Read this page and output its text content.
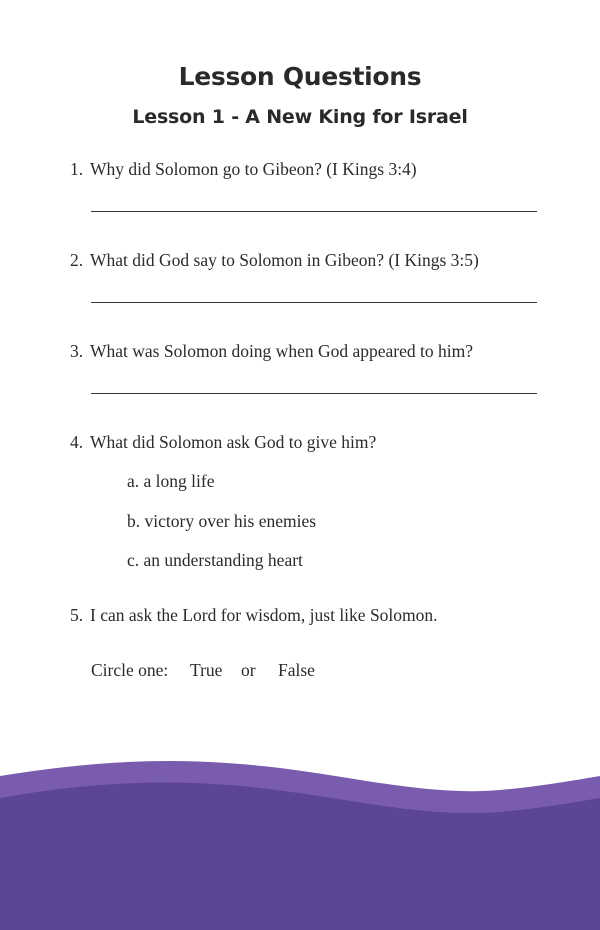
Lesson Questions
Lesson 1 - A New King for Israel
1. Why did Solomon go to Gibeon? (I Kings 3:4)
2. What did God say to Solomon in Gibeon? (I Kings 3:5)
3. What was Solomon doing when God appeared to him?
4. What did Solomon ask God to give him?
a. a long life
b. victory over his enemies
c. an understanding heart
5. I can ask the Lord for wisdom, just like Solomon.
Circle one: True or False
